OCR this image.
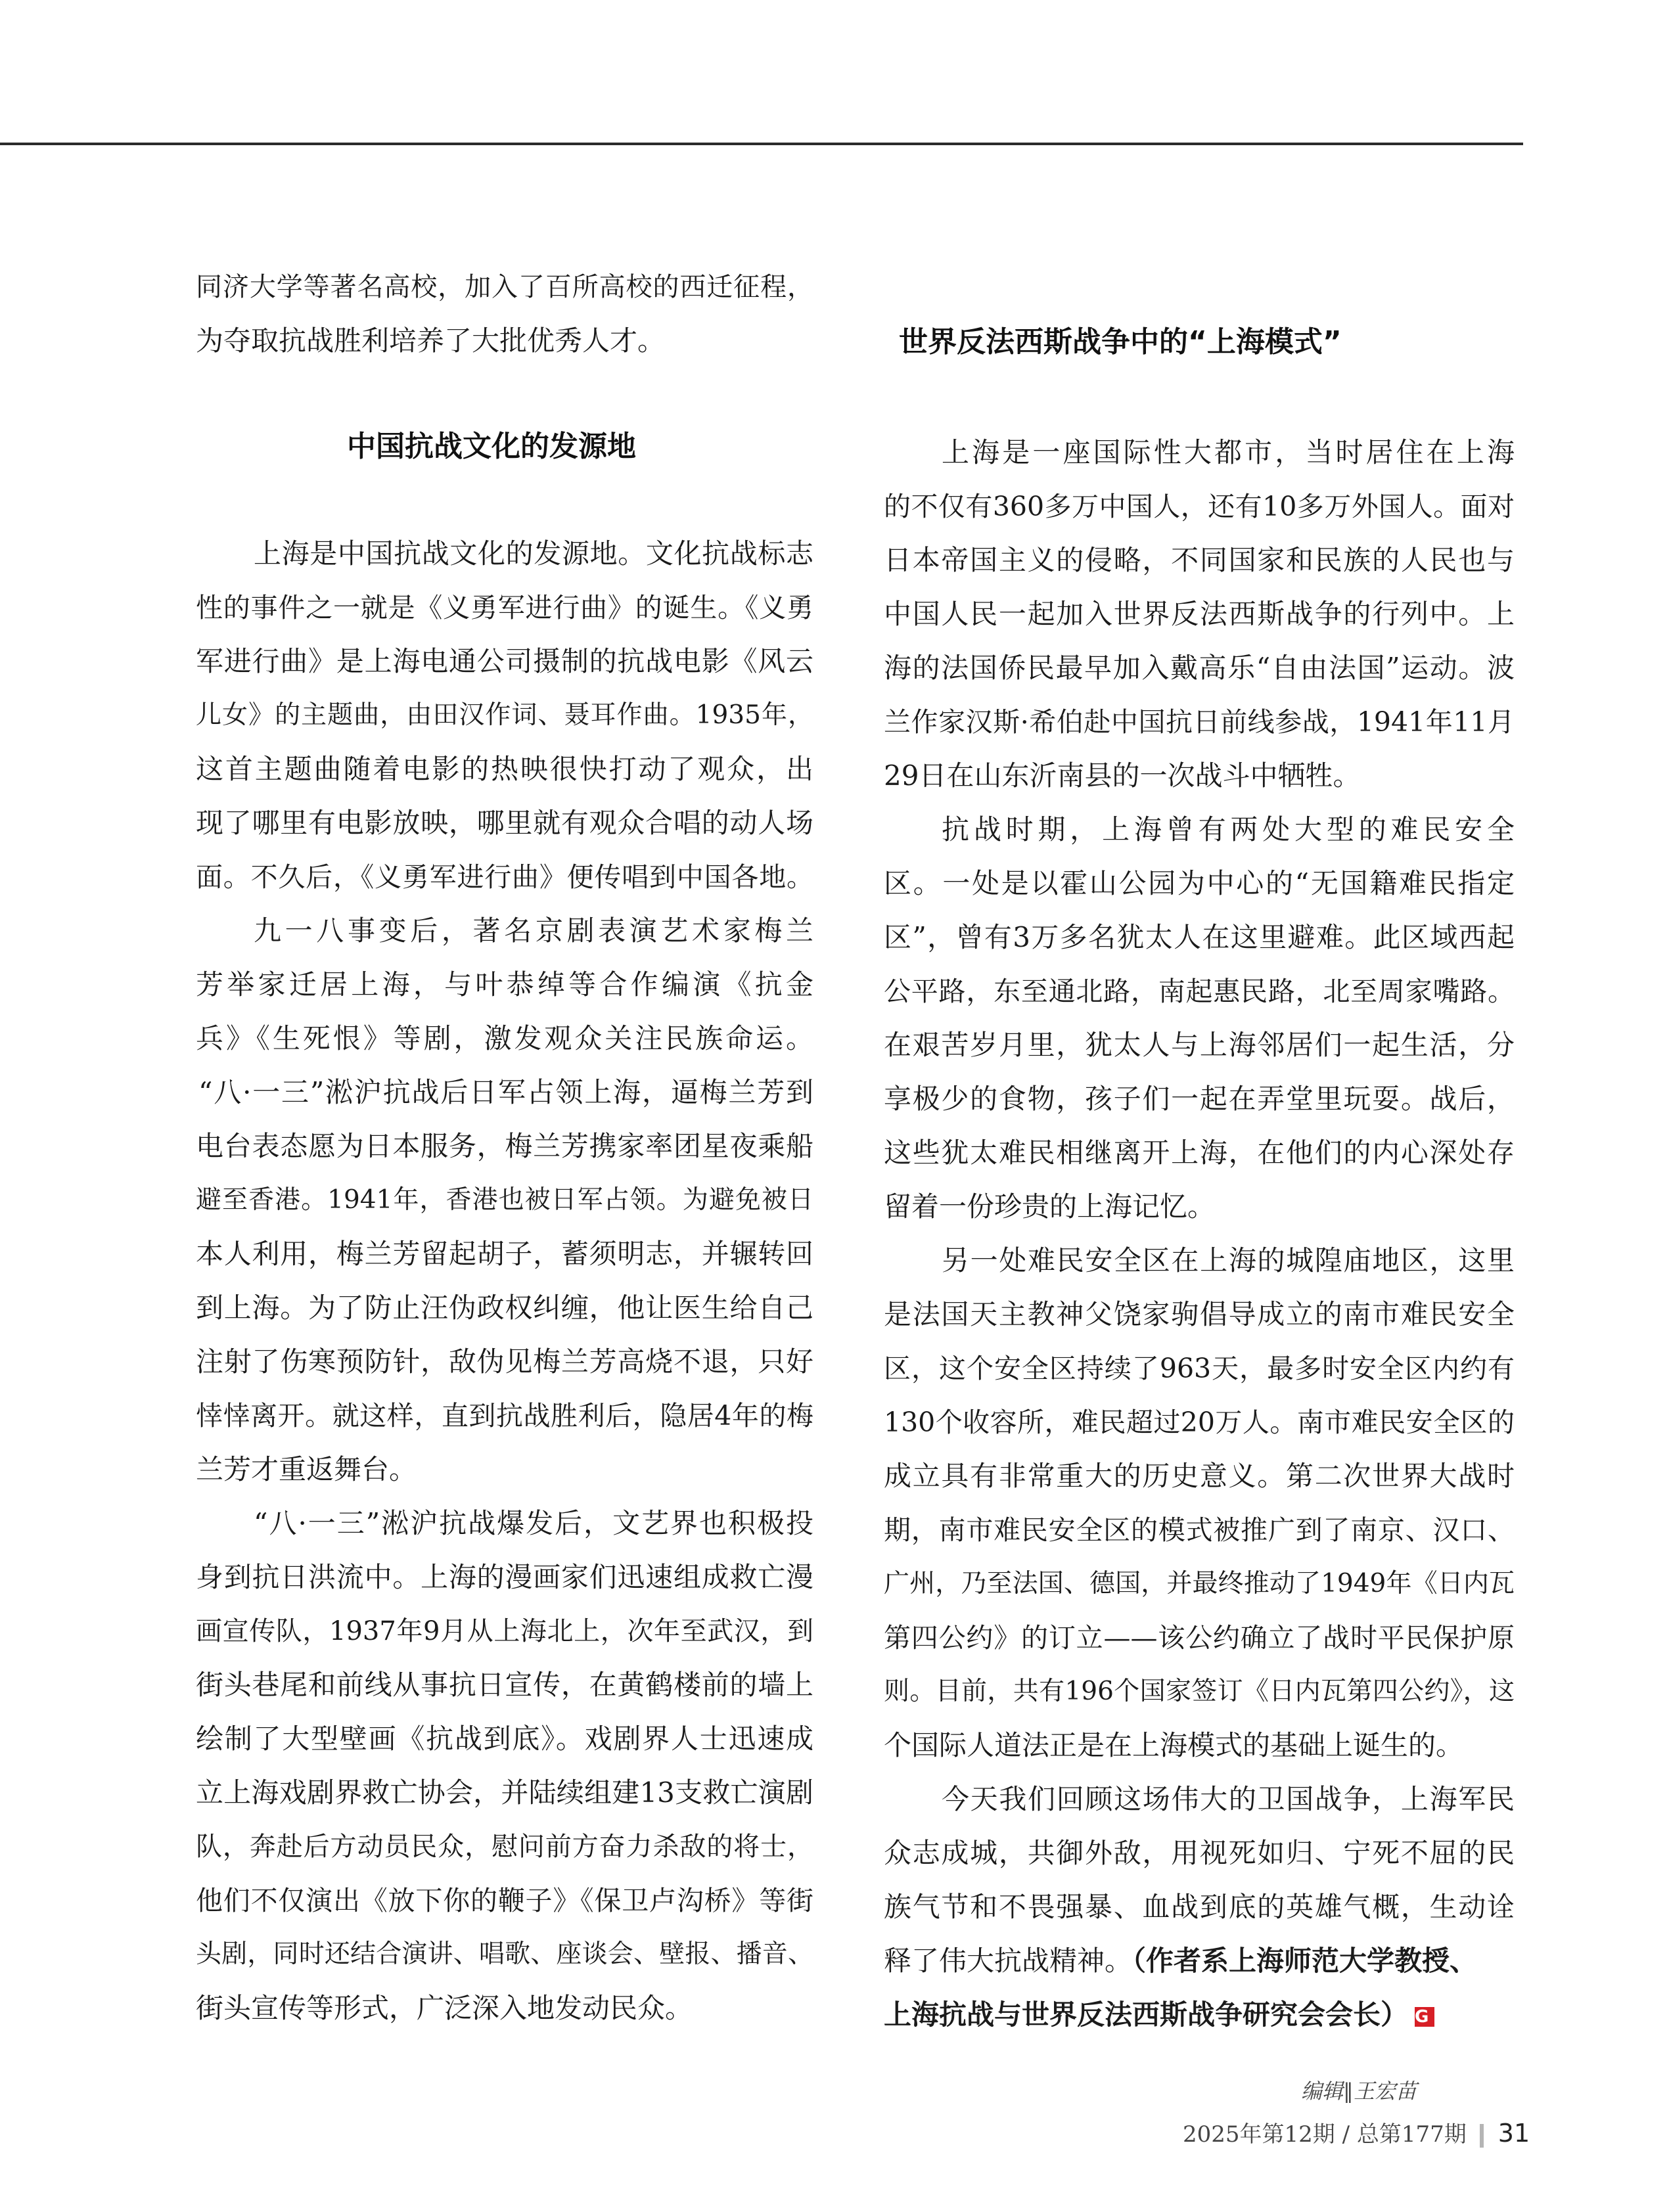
同济大学等著名高校，加入了百所高校的西迁征程，
为夺取抗战胜利培养了大批优秀人才。
中国抗战文化的发源地
上海是中国抗战文化的发源地。文化抗战标志
性的事件之一就是《义勇军进行曲》的诞生。《义勇
军进行曲》是上海电通公司摄制的抗战电影《风云
儿女》的主题曲，由田汉作词、聂耳作曲。1935年，
这首主题曲随着电影的热映很快打动了观众，出
现了哪里有电影放映，哪里就有观众合唱的动人场
面。不久后，《义勇军进行曲》便传唱到中国各地。
九一八事变后，著名京剧表演艺术家梅兰
芳举家迁居上海，与叶恭绰等合作编演《抗金
兵》《生死恨》等剧，激发观众关注民族命运。
“八·一三”淞沪抗战后日军占领上海，逼梅兰芳到
电台表态愿为日本服务，梅兰芳携家率团星夜乘船
避至香港。1941年，香港也被日军占领。为避免被日
本人利用，梅兰芳留起胡子，蓄须明志，并辗转回
到上海。为了防止汪伪政权纠缠，他让医生给自己
注射了伤寒预防针，敌伪见梅兰芳高烧不退，只好
悻悻离开。就这样，直到抗战胜利后，隐居4年的梅
兰芳才重返舞台。
“八·一三”淞沪抗战爆发后，文艺界也积极投
身到抗日洪流中。上海的漫画家们迅速组成救亡漫
画宣传队，1937年9月从上海北上，次年至武汉，到
街头巷尾和前线从事抗日宣传，在黄鹤楼前的墙上
绘制了大型壁画《抗战到底》。戏剧界人士迅速成
立上海戏剧界救亡协会，并陆续组建13支救亡演剧
队，奔赴后方动员民众，慰问前方奋力杀敌的将士，
他们不仅演出《放下你的鞭子》《保卫卢沟桥》等街
头剧，同时还结合演讲、唱歌、座谈会、壁报、播音、
街头宣传等形式，广泛深入地发动民众。
世界反法西斯战争中的“上海模式”
上海是一座国际性大都市，当时居住在上海
的不仅有360多万中国人，还有10多万外国人。面对
日本帝国主义的侵略，不同国家和民族的人民也与
中国人民一起加入世界反法西斯战争的行列中。上
海的法国侨民最早加入戴高乐“自由法国”运动。波
兰作家汉斯·希伯赴中国抗日前线参战，1941年11月
29日在山东沂南县的一次战斗中牺牲。
抗战时期，上海曾有两处大型的难民安全
区。一处是以霍山公园为中心的“无国籍难民指定
区”，曾有3万多名犹太人在这里避难。此区域西起
公平路，东至通北路，南起惠民路，北至周家嘴路。
在艰苦岁月里，犹太人与上海邻居们一起生活，分
享极少的食物，孩子们一起在弄堂里玩耍。战后，
这些犹太难民相继离开上海，在他们的内心深处存
留着一份珍贵的上海记忆。
另一处难民安全区在上海的城隍庙地区，这里
是法国天主教神父饶家驹倡导成立的南市难民安全
区，这个安全区持续了963天，最多时安全区内约有
130个收容所，难民超过20万人。南市难民安全区的
成立具有非常重大的历史意义。第二次世界大战时
期，南市难民安全区的模式被推广到了南京、汉口、
广州，乃至法国、德国，并最终推动了1949年《日内瓦
第四公约》的订立——该公约确立了战时平民保护原
则。目前，共有196个国家签订《日内瓦第四公约》，这
个国际人道法正是在上海模式的基础上诞生的。
今天我们回顾这场伟大的卫国战争，上海军民
众志成城，共御外敌，用视死如归、宁死不屈的民
族气节和不畏强暴、血战到底的英雄气概，生动诠
释了伟大抗战精神。（作者系上海师范大学教授、
上海抗战与世界反法西斯战争研究会会长） G
编辑∥王宏苗
2025年第12期 / 总第177期 31
